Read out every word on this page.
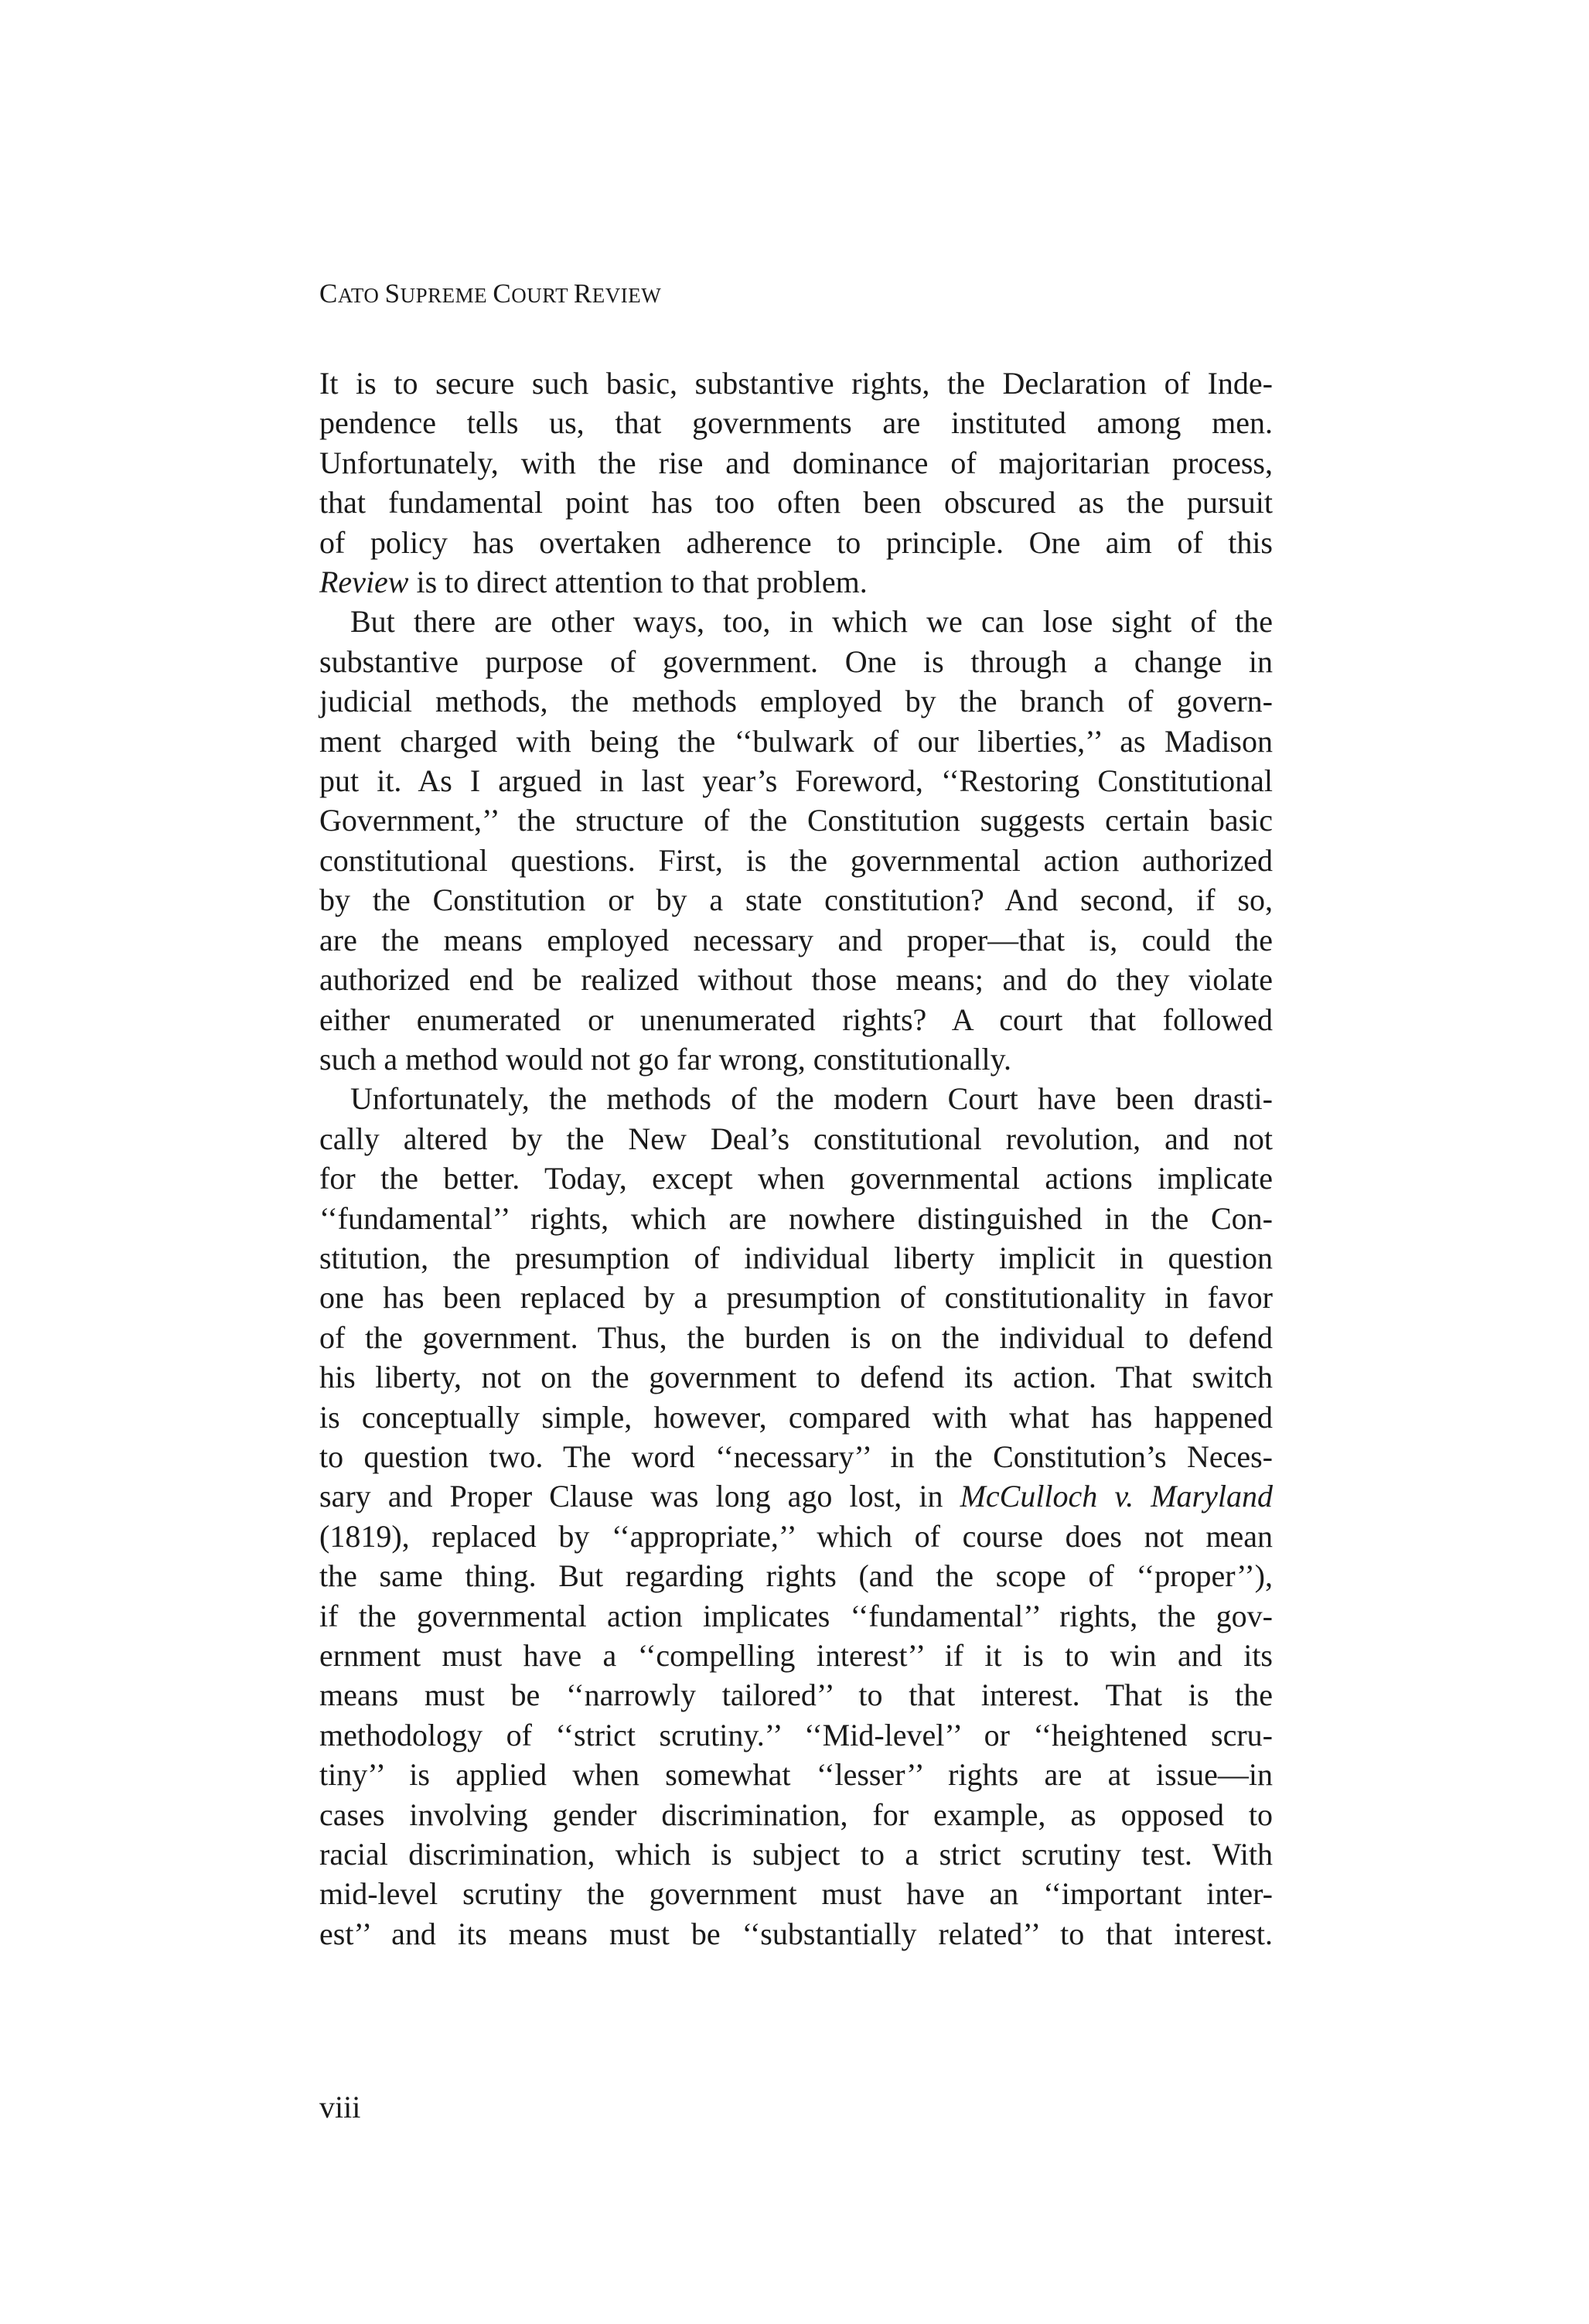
CATO SUPREME COURT REVIEW
It is to secure such basic, substantive rights, the Declaration of Inde-
pendence tells us, that governments are instituted among men.
Unfortunately, with the rise and dominance of majoritarian process,
that fundamental point has too often been obscured as the pursuit
of policy has overtaken adherence to principle. One aim of this
Review is to direct attention to that problem.
But there are other ways, too, in which we can lose sight of the
substantive purpose of government. One is through a change in
judicial methods, the methods employed by the branch of govern-
ment charged with being the ‘‘bulwark of our liberties,’’ as Madison
put it. As I argued in last year’s Foreword, ‘‘Restoring Constitutional
Government,’’ the structure of the Constitution suggests certain basic
constitutional questions. First, is the governmental action authorized
by the Constitution or by a state constitution? And second, if so,
are the means employed necessary and proper—that is, could the
authorized end be realized without those means; and do they violate
either enumerated or unenumerated rights? A court that followed
such a method would not go far wrong, constitutionally.
Unfortunately, the methods of the modern Court have been drasti-
cally altered by the New Deal’s constitutional revolution, and not
for the better. Today, except when governmental actions implicate
‘‘fundamental’’ rights, which are nowhere distinguished in the Con-
stitution, the presumption of individual liberty implicit in question
one has been replaced by a presumption of constitutionality in favor
of the government. Thus, the burden is on the individual to defend
his liberty, not on the government to defend its action. That switch
is conceptually simple, however, compared with what has happened
to question two. The word ‘‘necessary’’ in the Constitution’s Neces-
sary and Proper Clause was long ago lost, in McCulloch v. Maryland
(1819), replaced by ‘‘appropriate,’’ which of course does not mean
the same thing. But regarding rights (and the scope of ‘‘proper’’),
if the governmental action implicates ‘‘fundamental’’ rights, the gov-
ernment must have a ‘‘compelling interest’’ if it is to win and its
means must be ‘‘narrowly tailored’’ to that interest. That is the
methodology of ‘‘strict scrutiny.’’ ‘‘Mid-level’’ or ‘‘heightened scru-
tiny’’ is applied when somewhat ‘‘lesser’’ rights are at issue—in
cases involving gender discrimination, for example, as opposed to
racial discrimination, which is subject to a strict scrutiny test. With
mid-level scrutiny the government must have an ‘‘important inter-
est’’ and its means must be ‘‘substantially related’’ to that interest.
viii
